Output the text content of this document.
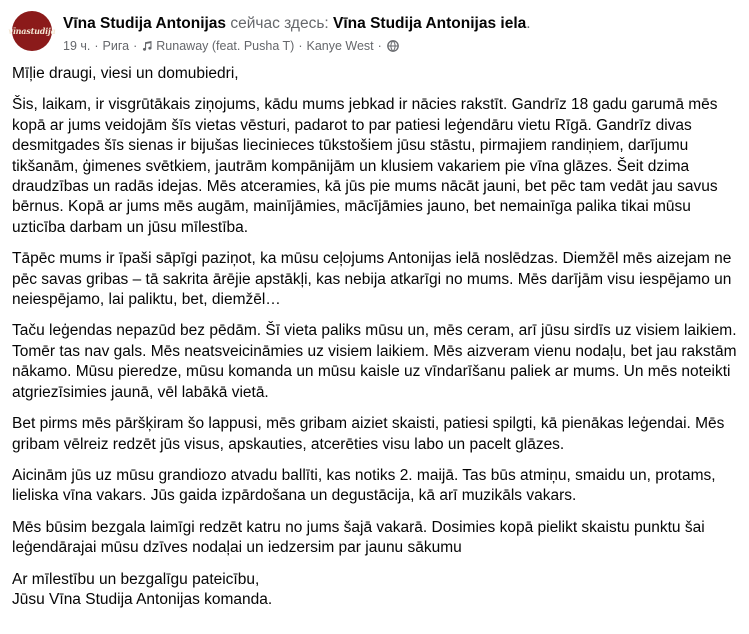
vīnastudija Vīna Studija Antonijas сейчас здесь: Vīna Studija Antonijas iela.
19 ч. · Рига · Runaway (feat. Pusha T) · Kanye West ·

Mīļie draugi, viesi un domubiedri,

Šis, laikam, ir visgrūtākais ziņojums, kādu mums jebkad ir nācies rakstīt. Gandrīz 18 gadu garumā mēs kopā ar jums veidojām šīs vietas vēsturi, padarot to par patiesi leģendāru vietu Rīgā. Gandrīz divas desmitgades šīs sienas ir bijušas liecinieces tūkstošiem jūsu stāstu, pirmajiem randiņiem, darījumu tikšanām, ģimenes svētkiem, jautrām kompānijām un klusiem vakariem pie vīna glāzes. Šeit dzima draudzības un radās idejas. Mēs atceramies, kā jūs pie mums nācāt jauni, bet pēc tam vedāt jau savus bērnus. Kopā ar jums mēs augām, mainījāmies, mācījāmies jauno, bet nemainīga palika tikai mūsu uzticība darbam un jūsu mīlestība.

Tāpēc mums ir īpaši sāpīgi paziņot, ka mūsu ceļojums Antonijas ielā noslēdzas. Diemžēl mēs aizejam ne pēc savas gribas – tā sakrita ārējie apstākļi, kas nebija atkarīgi no mums. Mēs darījām visu iespējamo un neiespējamo, lai paliktu, bet, diemžēl…

Taču leģendas nepazūd bez pēdām. Šī vieta paliks mūsu un, mēs ceram, arī jūsu sirdīs uz visiem laikiem. Tomēr tas nav gals. Mēs neatsveicināmies uz visiem laikiem. Mēs aizveram vienu nodaļu, bet jau rakstām nākamo. Mūsu pieredze, mūsu komanda un mūsu kaisle uz vīndarīšanu paliek ar mums. Un mēs noteikti atgriezīsimies jaunā, vēl labākā vietā.

Bet pirms mēs pāršķiram šo lappusi, mēs gribam aiziet skaisti, patiesi spilgti, kā pienākas leģendai. Mēs gribam vēlreiz redzēt jūs visus, apskauties, atcerēties visu labo un pacelt glāzes.

Aicinām jūs uz mūsu grandiozo atvadu ballīti, kas notiks 2. maijā. Tas būs atmiņu, smaidu un, protams, lieliska vīna vakars. Jūs gaida izpārdošana un degustācija, kā arī muzikāls vakars.

Mēs būsim bezgala laimīgi redzēt katru no jums šajā vakarā. Dosimies kopā pielikt skaistu punktu šai leģendārajai mūsu dzīves nodaļai un iedzersim par jaunu sākumu

Ar mīlestību un bezgalīgu pateicību,
Jūsu Vīna Studija Antonijas komanda.
